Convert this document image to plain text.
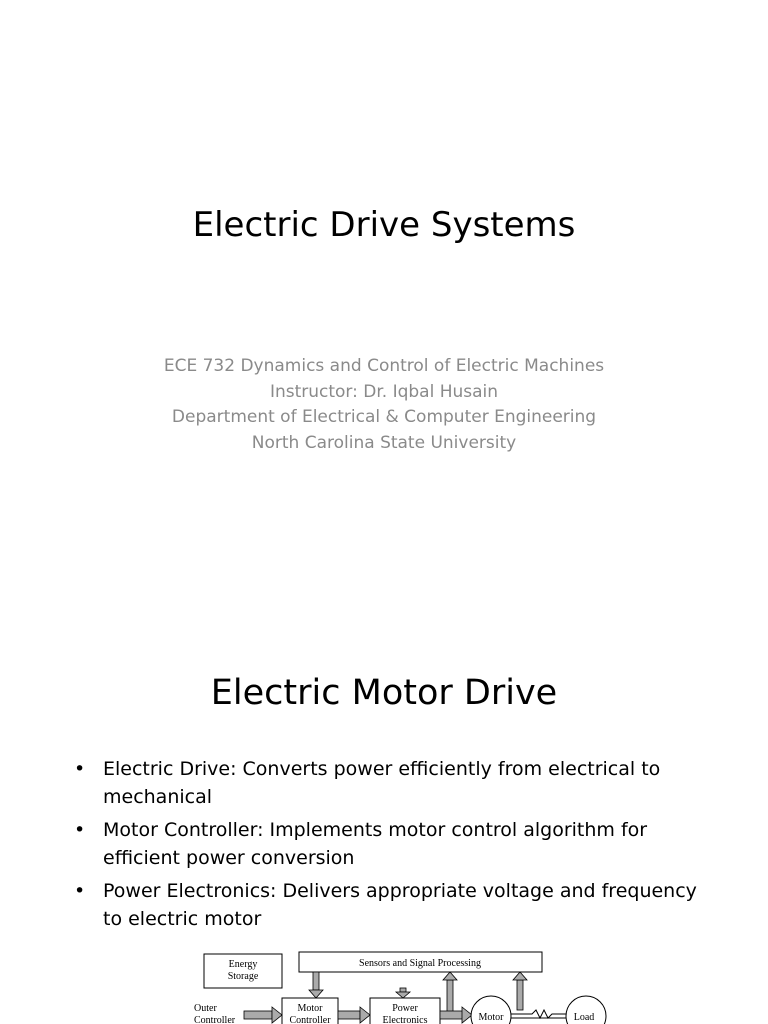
Electric Drive Systems
ECE 732 Dynamics and Control of Electric Machines
Instructor: Dr. Iqbal Husain
Department of Electrical & Computer Engineering
North Carolina State University
Electric Motor Drive
• Electric Drive: Converts power efficiently from electrical to
mechanical
• Motor Controller: Implements motor control algorithm for
efficient power conversion
• Power Electronics: Delivers appropriate voltage and frequency
to electric motor
Energy
Storage
Sensors and Signal Processing
Outer
Controller
Motor
Controller
Power
Electronics	Motor	Load
